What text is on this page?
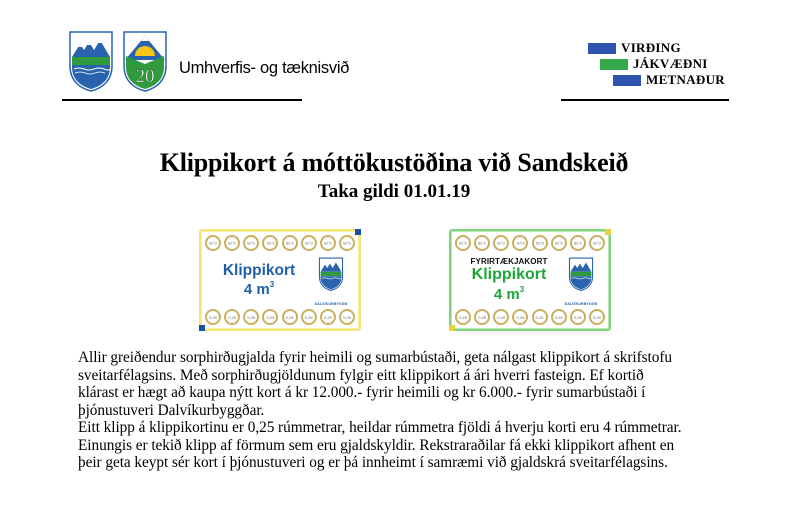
20 Umhverfis- og tæknisvið
VIRÐING
JÁKVÆÐNI
METNAÐUR
Klippikort á móttökustöðina við Sandskeið
Taka gildi 01.01.19
0,25	0,25	0,25	0,25	0,25	0,25	0,25	0,25
Klippikort
4 $m^3$
DALVÍKURBYGGÐ
0,25	0,25	0,25	0,25	0,25	0,25	0,25	0,25
0,25	0,25	0,25	0,25	0,25	0,25	0,25	0,25
FYRIRTÆKJAKORT
Klippikort
4 $m^3$
DALVÍKURBYGGÐ
0,25	0,25	0,25	0,25	0,25	0,25	0,25	0,25

Allir greiðendur sorphirðugjalda fyrir heimili og sumarbústaði, geta nálgast klippikort á skrifstofu

sveitarfélagsins. Með sorphirðugjöldunum fylgir eitt klippikort á ári hverri fasteign. Ef kortið

klárast er hægt að kaupa nýtt kort á kr 12.000.- fyrir heimili og kr 6.000.- fyrir sumarbústaði í

þjónustuveri Dalvíkurbyggðar.

Eitt klipp á klippikortinu er 0,25 rúmmetrar, heildar rúmmetra fjöldi á hverju korti eru 4 rúmmetrar.

Einungis er tekið klipp af förmum sem eru gjaldskyldir. Rekstraraðilar fá ekki klippikort afhent en

þeir geta keypt sér kort í þjónustuveri og er þá innheimt í samræmi við gjaldskrá sveitarfélagsins.
